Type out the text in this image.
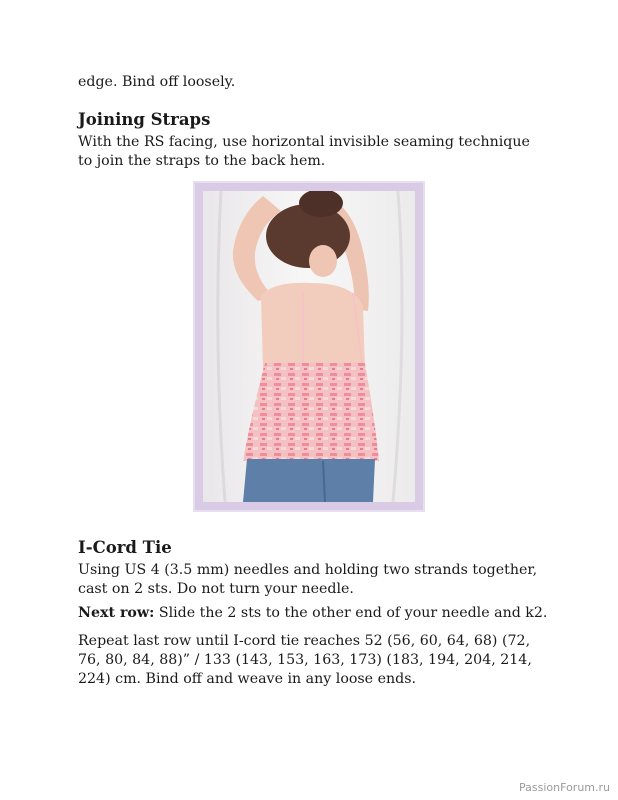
edge. Bind off loosely.

Joining Straps

With the RS facing, use horizontal invisible seaming technique to join the straps to the back hem.

I-Cord Tie

Using US 4 (3.5 mm) needles and holding two strands together, cast on 2 sts. Do not turn your needle.

Next row: Slide the 2 sts to the other end of your needle and k2.

Repeat last row until I-cord tie reaches 52 (56, 60, 64, 68) (72, 76, 80, 84, 88)” / 133 (143, 153, 163, 173) (183, 194, 204, 214, 224) cm. Bind off and weave in any loose ends.

PassionForum.ru
